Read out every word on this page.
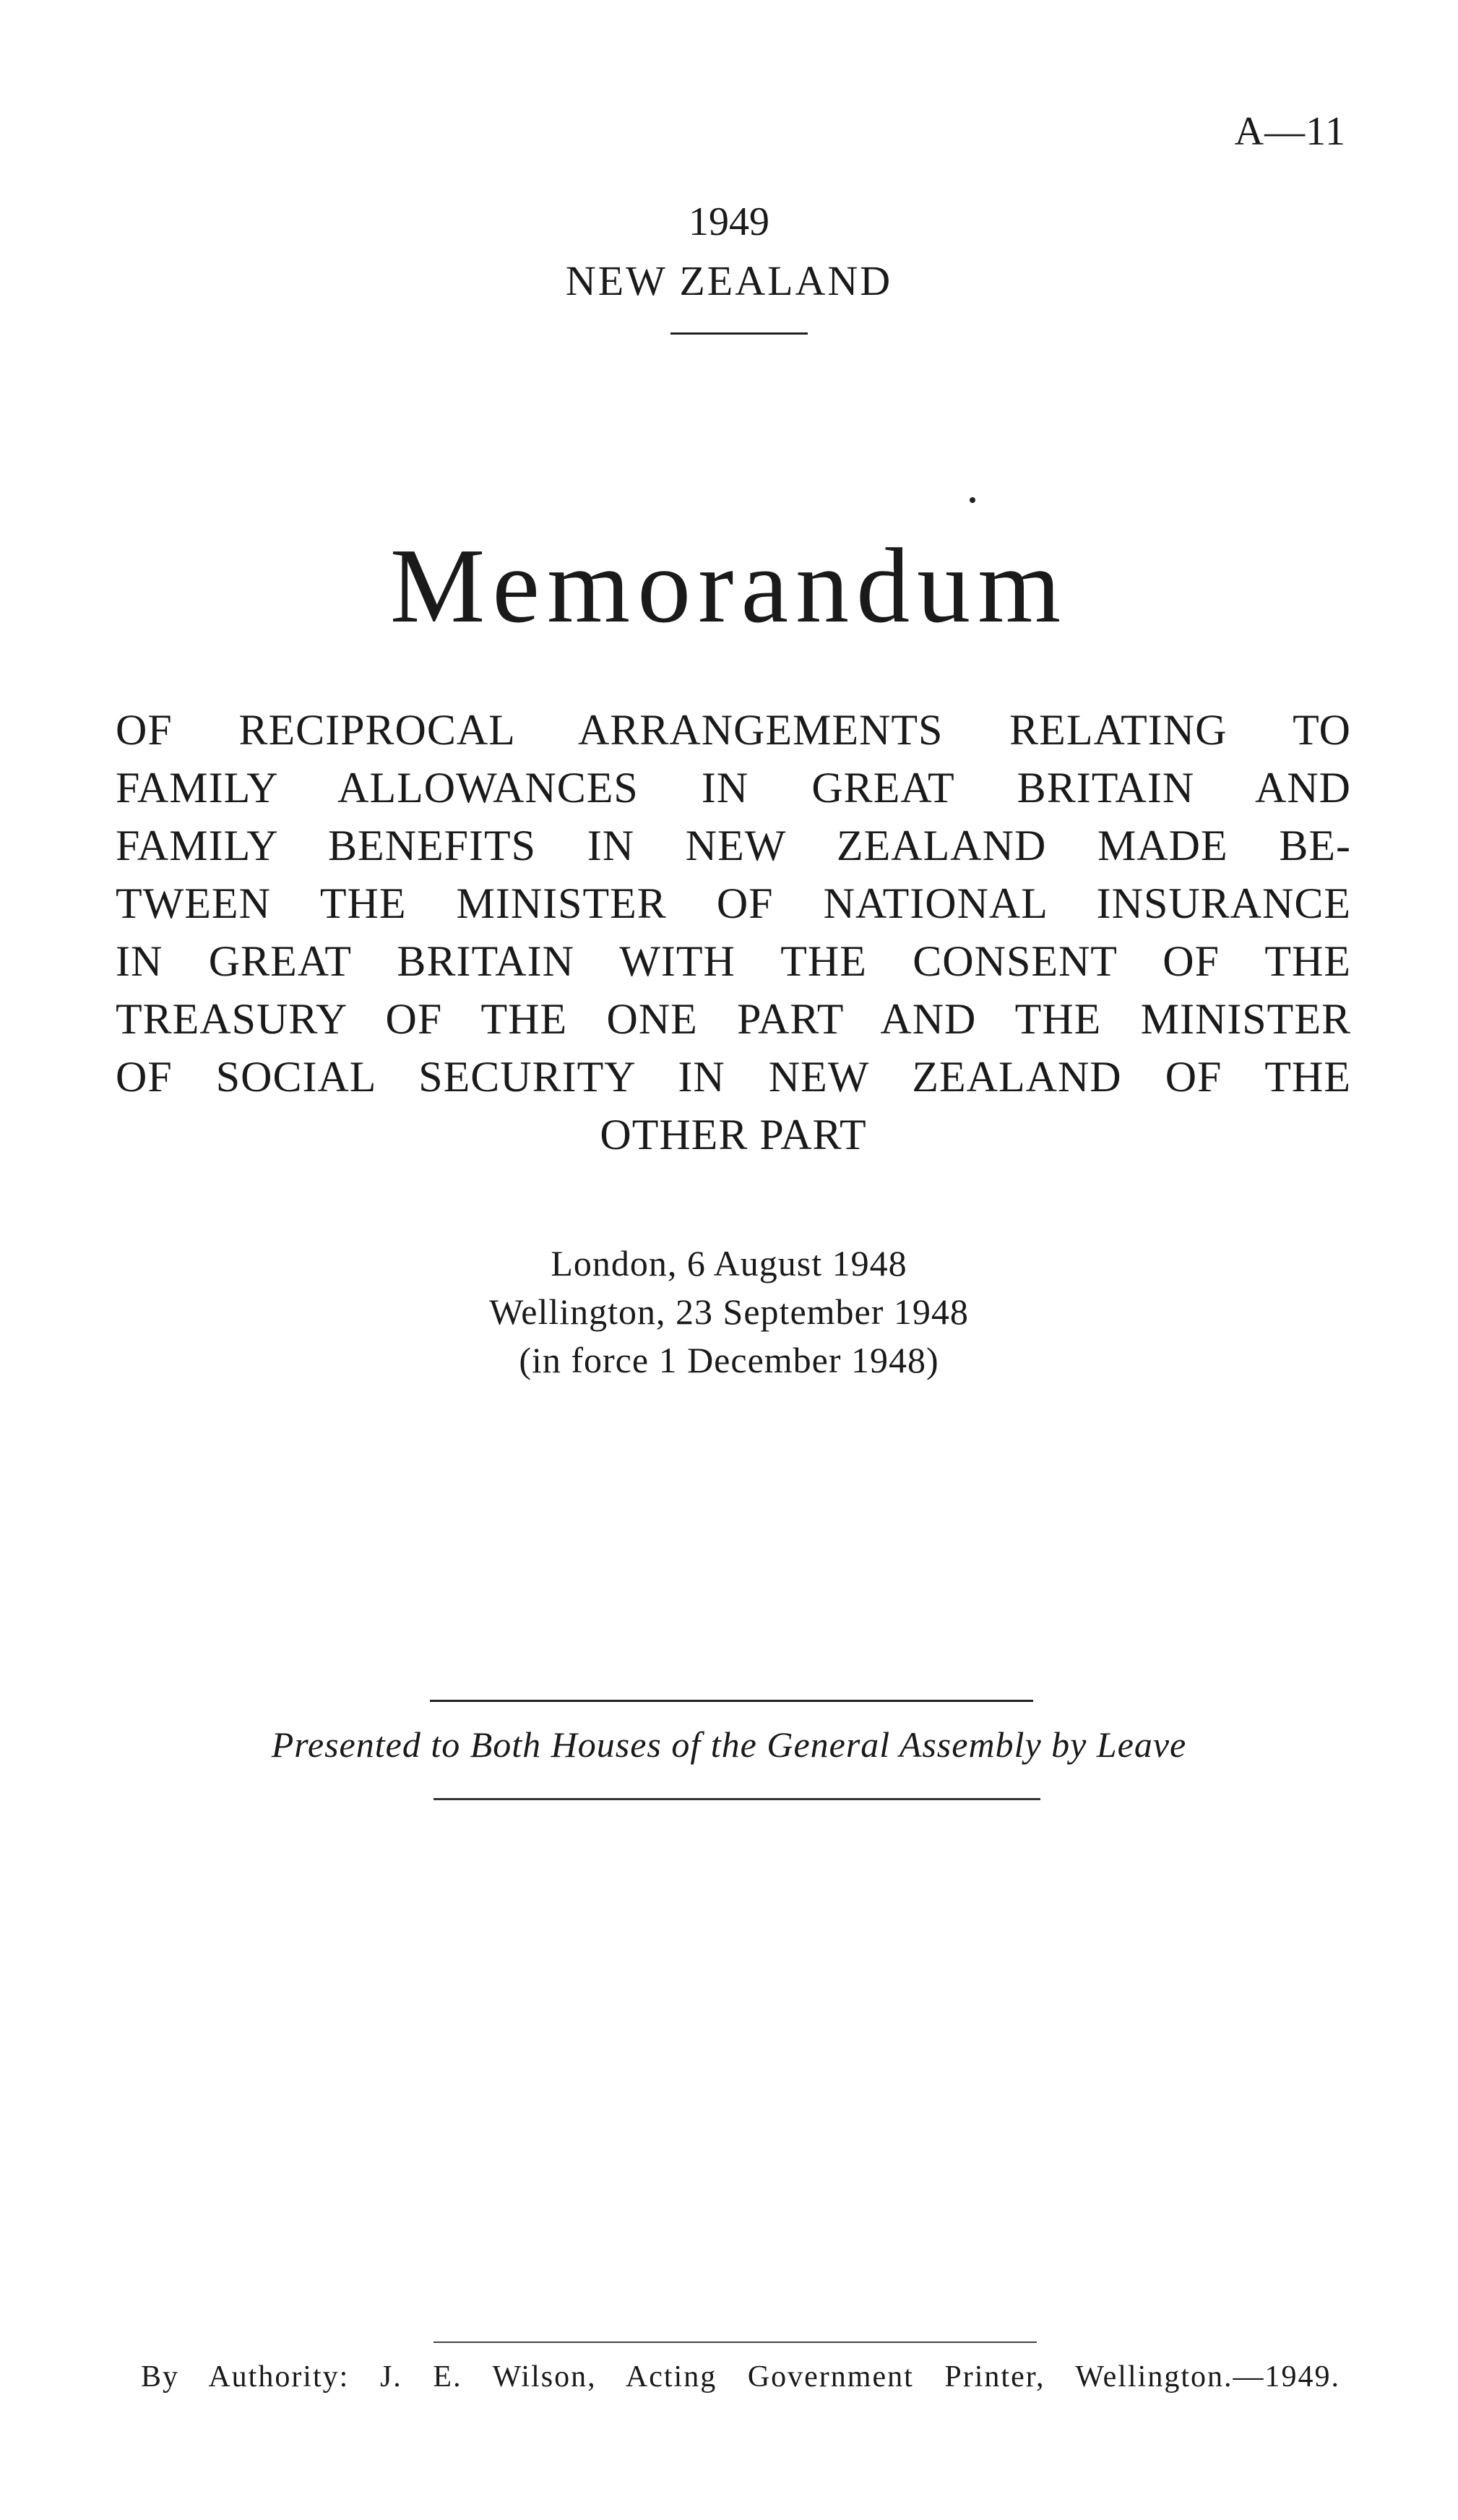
A—11
1949
NEW ZEALAND
Memorandum
OF RECIPROCAL ARRANGEMENTS RELATING TO
FAMILY ALLOWANCES IN GREAT BRITAIN AND
FAMILY BENEFITS IN NEW ZEALAND MADE BE-
TWEEN THE MINISTER OF NATIONAL INSURANCE
IN GREAT BRITAIN WITH THE CONSENT OF THE
TREASURY OF THE ONE PART AND THE MINISTER
OF SOCIAL SECURITY IN NEW ZEALAND OF THE
OTHER PART
London, 6 August 1948
Wellington, 23 September 1948
(in force 1 December 1948)
Presented to Both Houses of the General Assembly by Leave
By Authority: J. E. Wilson, Acting Government Printer, Wellington.—1949.
